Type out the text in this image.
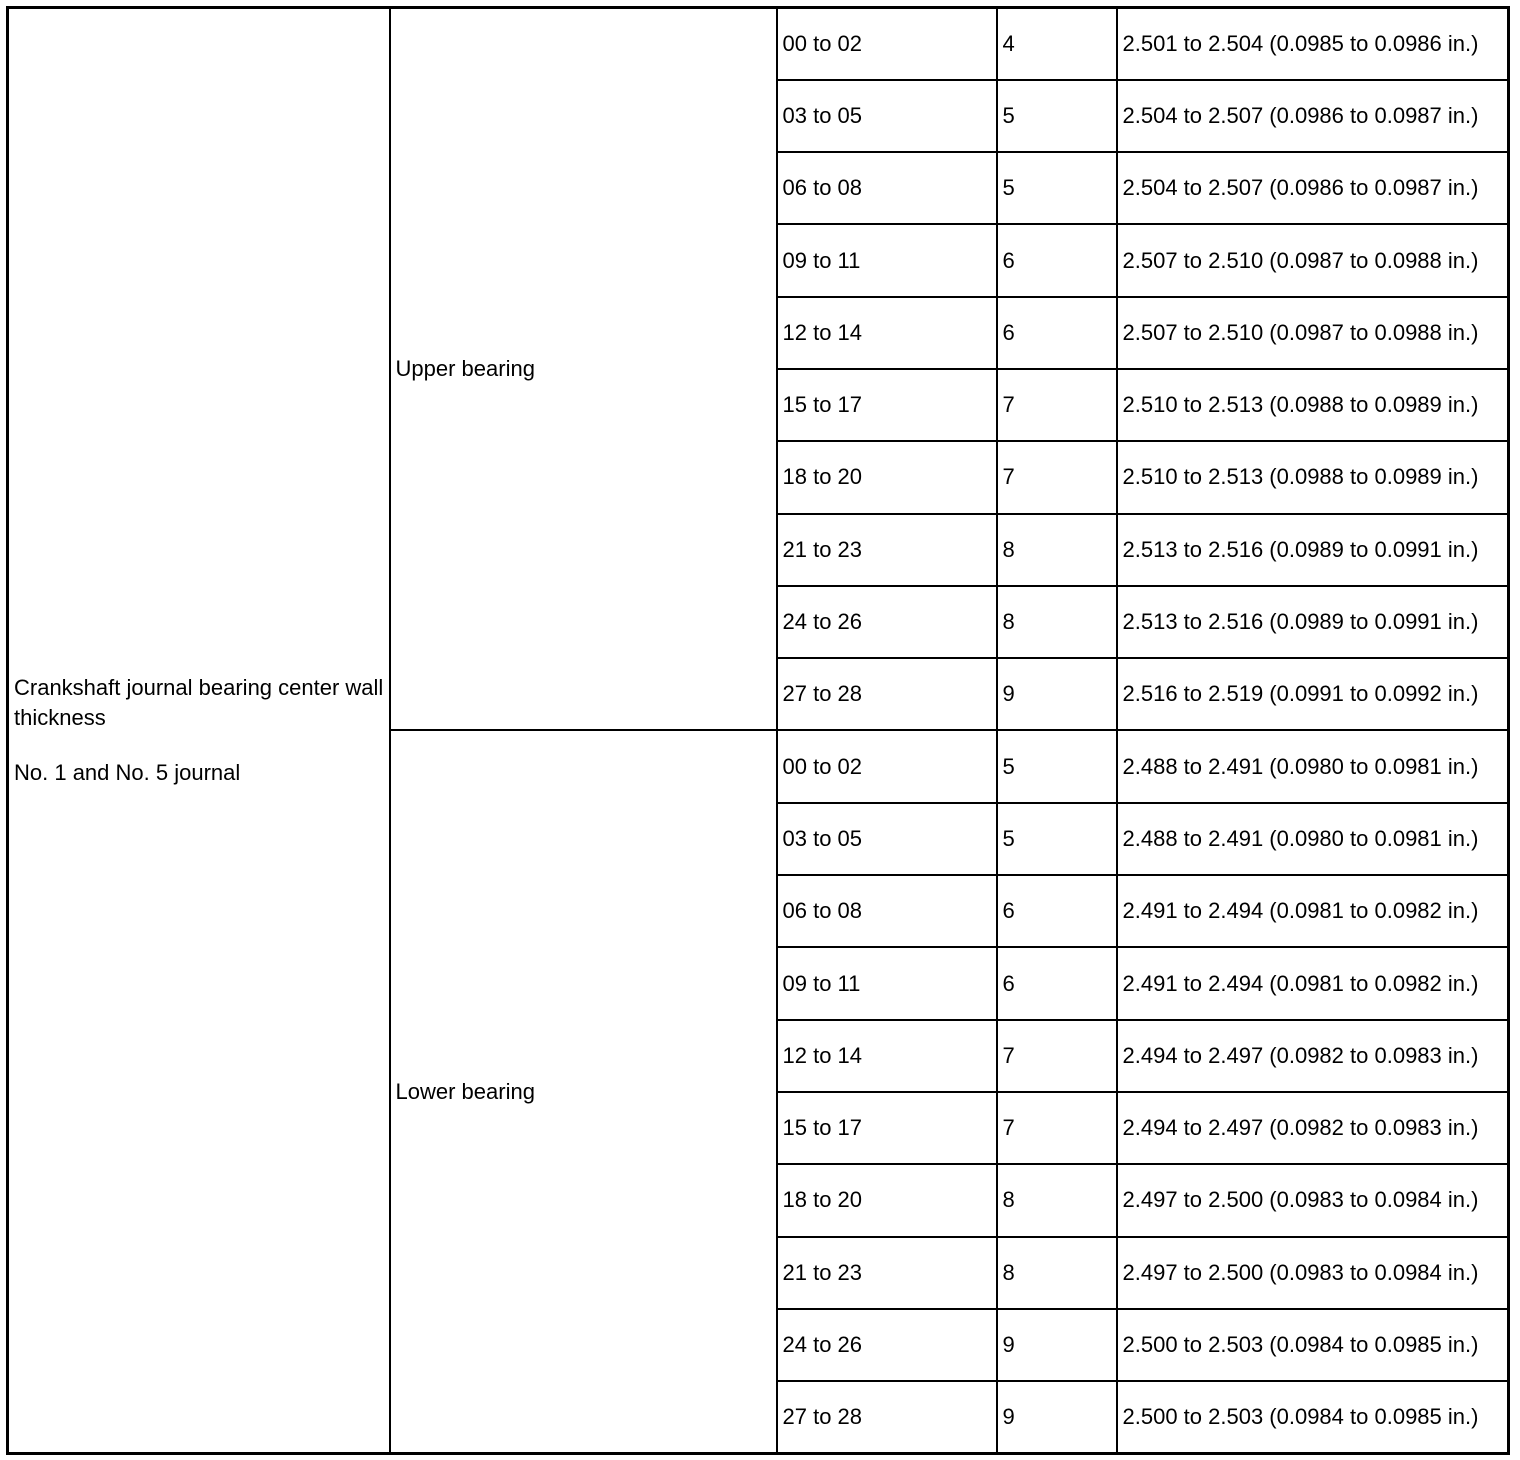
Crankshaft journal bearing center wall thickness

No. 1 and No. 5 journal	Upper bearing	00 to 02	4	2.501 to 2.504 (0.0985 to 0.0986 in.)
		03 to 05	5	2.504 to 2.507 (0.0986 to 0.0987 in.)
		06 to 08	5	2.504 to 2.507 (0.0986 to 0.0987 in.)
		09 to 11	6	2.507 to 2.510 (0.0987 to 0.0988 in.)
		12 to 14	6	2.507 to 2.510 (0.0987 to 0.0988 in.)
		15 to 17	7	2.510 to 2.513 (0.0988 to 0.0989 in.)
		18 to 20	7	2.510 to 2.513 (0.0988 to 0.0989 in.)
		21 to 23	8	2.513 to 2.516 (0.0989 to 0.0991 in.)
		24 to 26	8	2.513 to 2.516 (0.0989 to 0.0991 in.)
		27 to 28	9	2.516 to 2.519 (0.0991 to 0.0992 in.)
	Lower bearing	00 to 02	5	2.488 to 2.491 (0.0980 to 0.0981 in.)
		03 to 05	5	2.488 to 2.491 (0.0980 to 0.0981 in.)
		06 to 08	6	2.491 to 2.494 (0.0981 to 0.0982 in.)
		09 to 11	6	2.491 to 2.494 (0.0981 to 0.0982 in.)
		12 to 14	7	2.494 to 2.497 (0.0982 to 0.0983 in.)
		15 to 17	7	2.494 to 2.497 (0.0982 to 0.0983 in.)
		18 to 20	8	2.497 to 2.500 (0.0983 to 0.0984 in.)
		21 to 23	8	2.497 to 2.500 (0.0983 to 0.0984 in.)
		24 to 26	9	2.500 to 2.503 (0.0984 to 0.0985 in.)
		27 to 28	9	2.500 to 2.503 (0.0984 to 0.0985 in.)
